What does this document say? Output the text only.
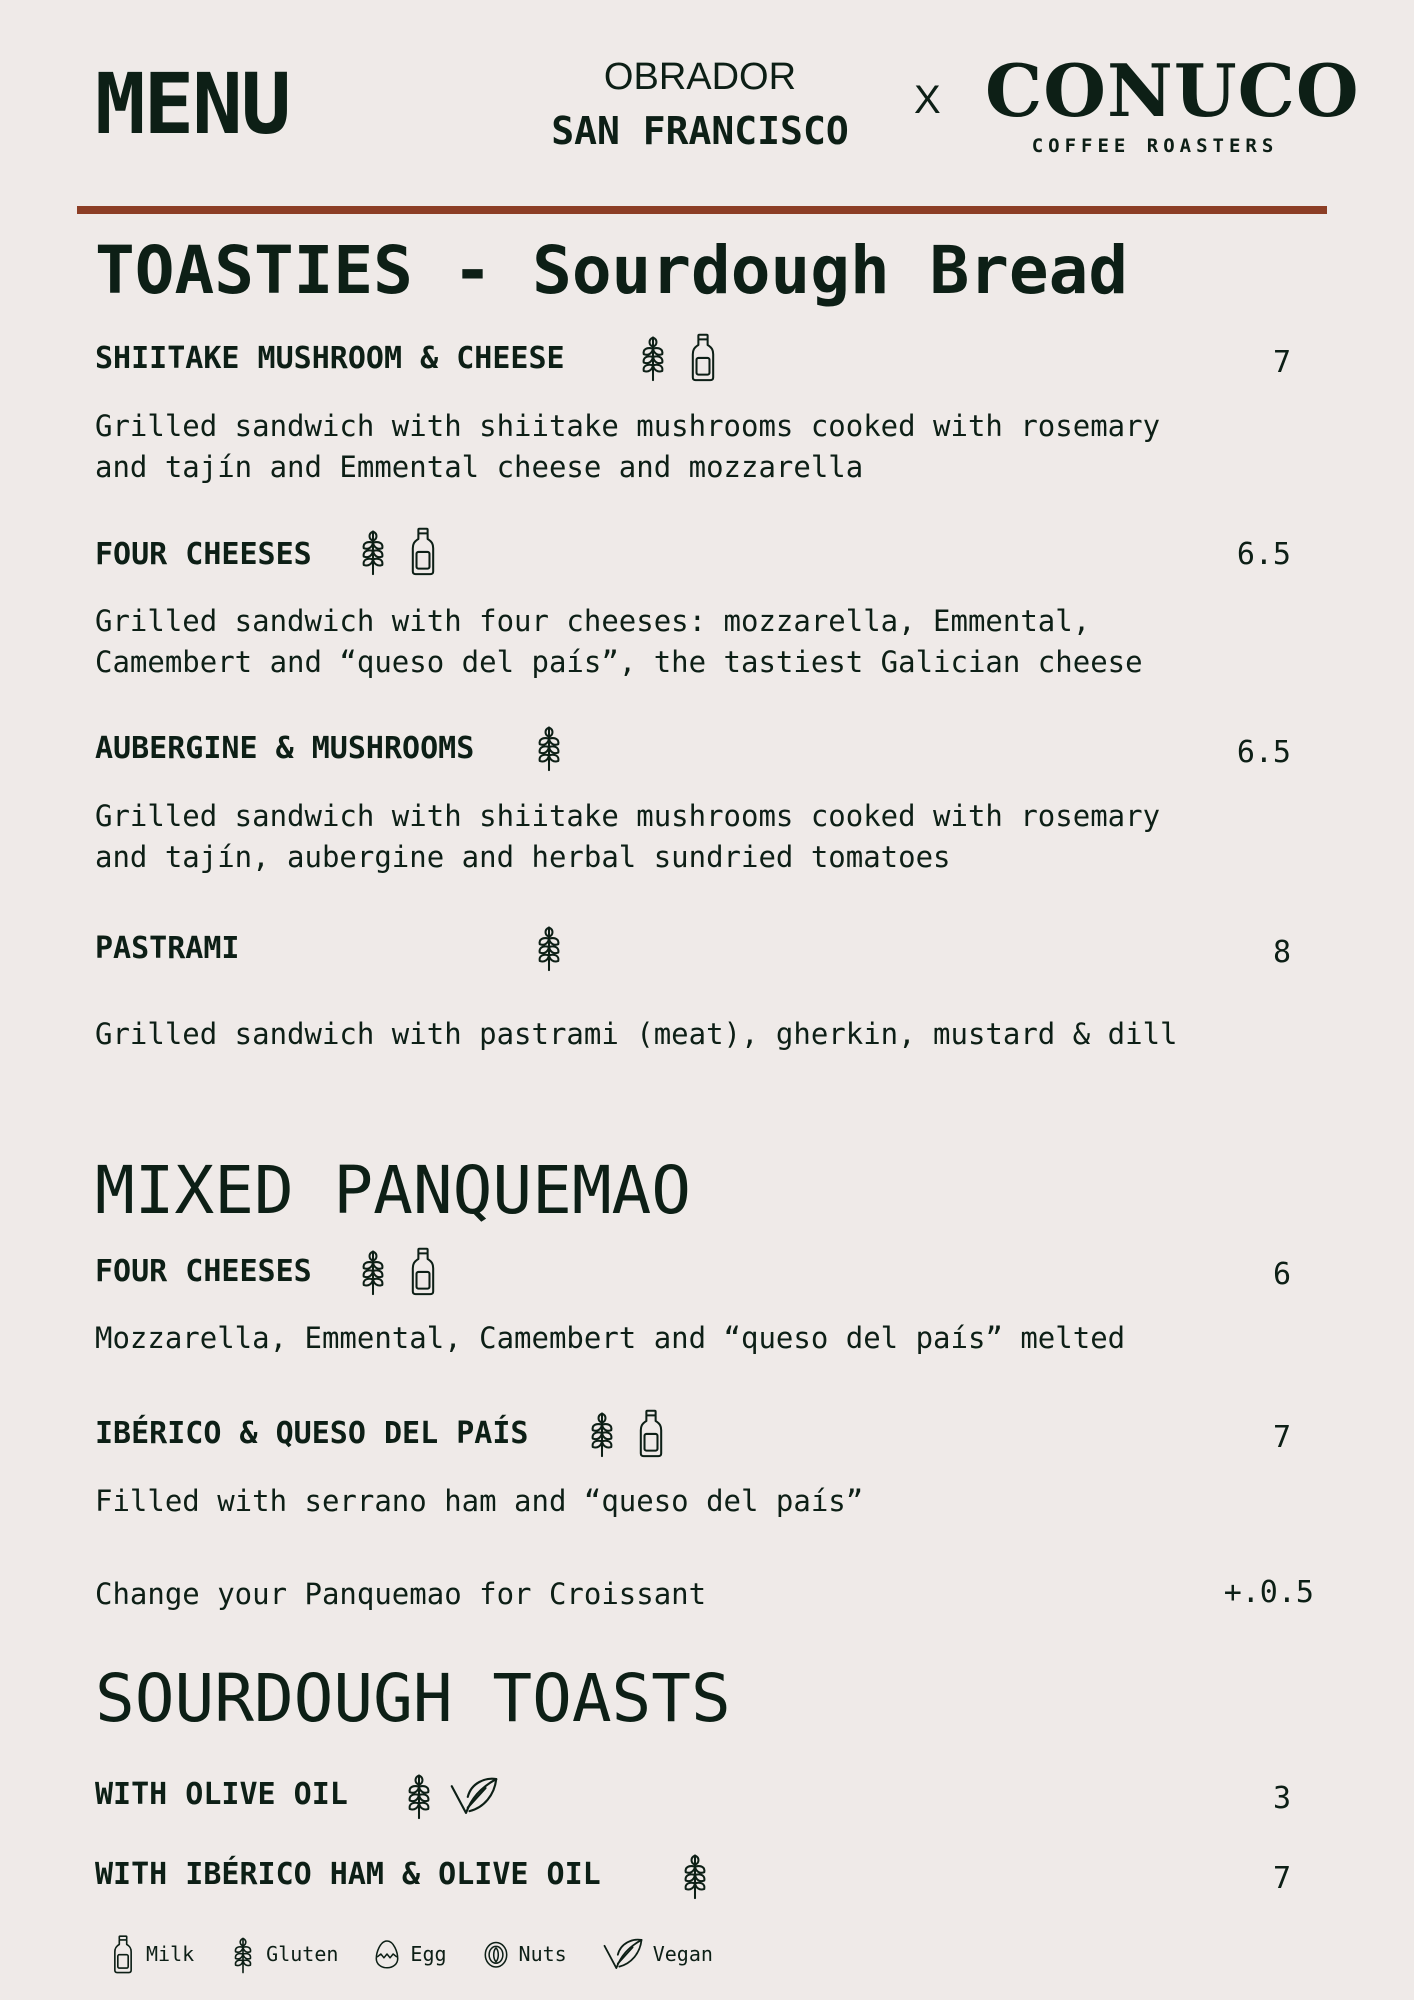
MENU	OBRADOR
SAN FRANCISCO
X CONUCO
COFFEE ROASTERS
TOASTIES - Sourdough Bread
SHIITAKE MUSHROOM & CHEESE	7
Grilled sandwich with shiitake mushrooms cooked with rosemary
and tajín and Emmental cheese and mozzarella
FOUR CHEESES	6.5
Grilled sandwich with four cheeses: mozzarella, Emmental,
Camembert and “queso del país”, the tastiest Galician cheese
AUBERGINE & MUSHROOMS	6.5
Grilled sandwich with shiitake mushrooms cooked with rosemary
and tajín, aubergine and herbal sundried tomatoes
PASTRAMI	8
Grilled sandwich with pastrami (meat), gherkin, mustard & dill
MIXED PANQUEMAO
FOUR CHEESES	6
Mozzarella, Emmental, Camembert and “queso del país” melted
IBÉRICO & QUESO DEL PAÍS	7
Filled with serrano ham and “queso del país”
Change your Panquemao for Croissant	+.0.5
SOURDOUGH TOASTS
WITH OLIVE OIL	3
WITH IBÉRICO HAM & OLIVE OIL	7
Milk	Gluten	Egg	Nuts	Vegan
